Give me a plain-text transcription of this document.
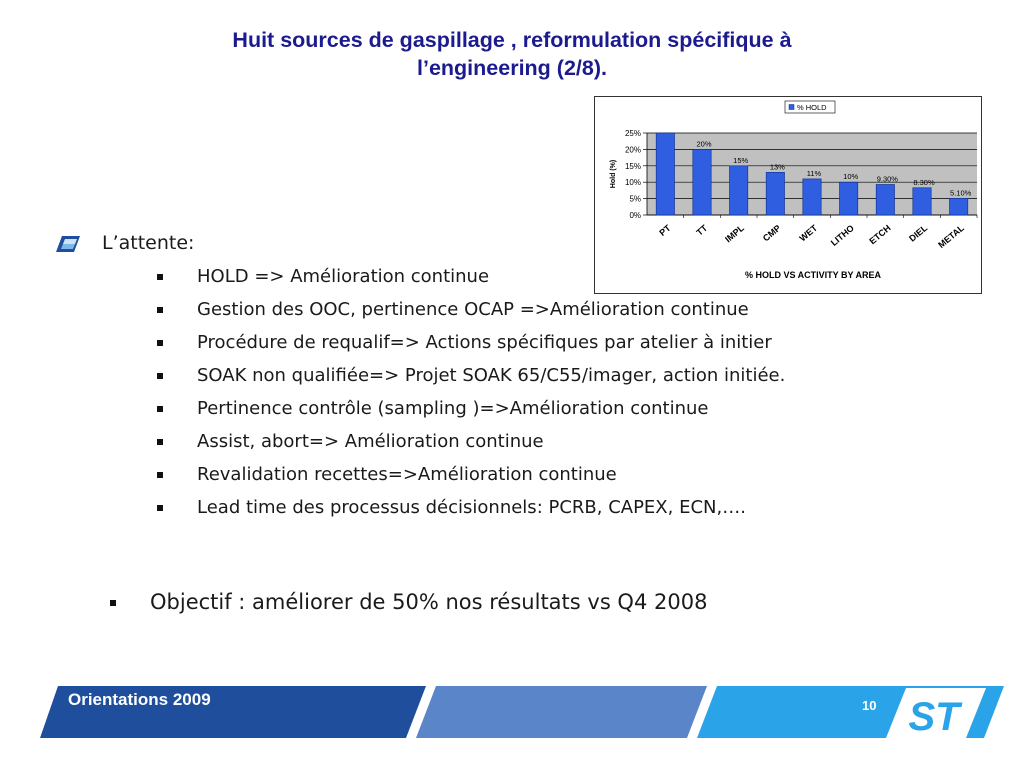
Huit sources de gaspillage , reformulation spécifique à
l’engineering (2/8).
0%
5%
10%
15%
20%
25%
Hold (%)
PT
20%
TT
15%
IMPL
13%
CMP
11%
WET
10%
LITHO
9.30%
ETCH
8.30%
DIEL
5.10%
METAL
% HOLD
% HOLD VS ACTIVITY BY AREA
L’attente:
HOLD => Amélioration continue
Gestion des OOC, pertinence OCAP =>Amélioration continue
Procédure de requalif=> Actions spécifiques par atelier à initier
SOAK non qualifiée=> Projet SOAK 65/C55/imager, action initiée.
Pertinence contrôle (sampling )=>Amélioration continue
Assist, abort=> Amélioration continue
Revalidation recettes=>Amélioration continue
Lead time des processus décisionnels: PCRB, CAPEX, ECN,….
Objectif : améliorer de 50% nos résultats vs Q4 2008
ST
Orientations 2009	10
